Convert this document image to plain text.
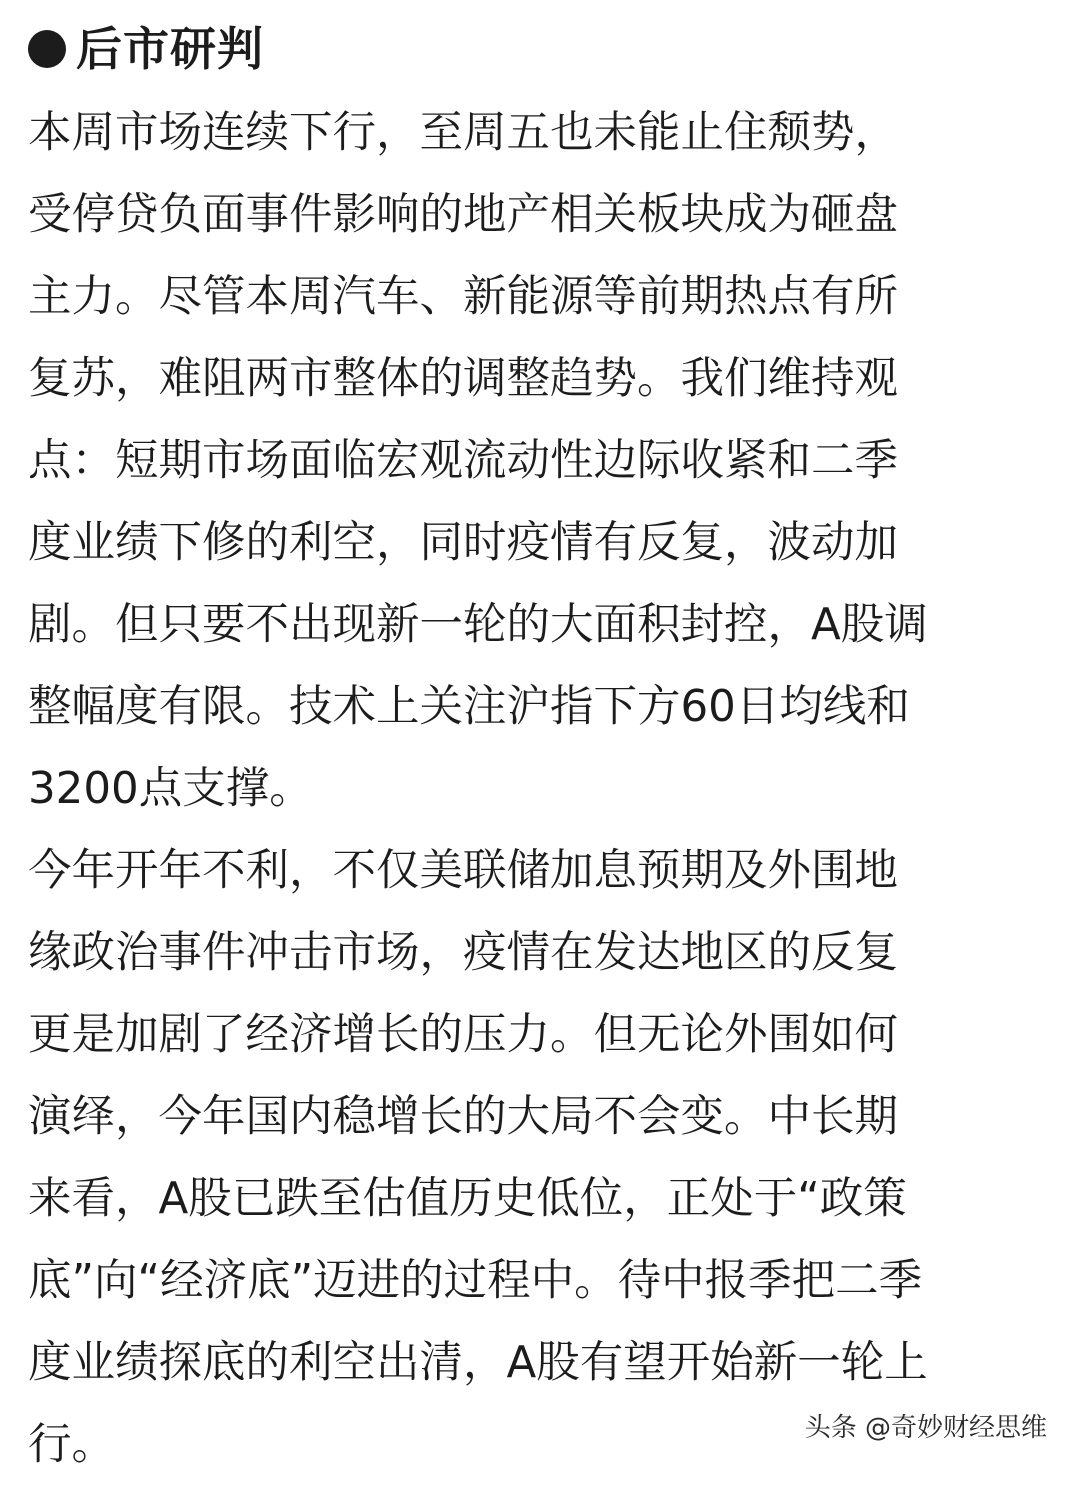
后市研判
本周市场连续下行，至周五也未能止住颓势，
受停贷负面事件影响的地产相关板块成为砸盘
主力。尽管本周汽车、新能源等前期热点有所
复苏，难阻两市整体的调整趋势。我们维持观
点：短期市场面临宏观流动性边际收紧和二季
度业绩下修的利空，同时疫情有反复，波动加
剧。但只要不出现新一轮的大面积封控，A股调
整幅度有限。技术上关注沪指下方60日均线和
3200点支撑。
今年开年不利，不仅美联储加息预期及外围地
缘政治事件冲击市场，疫情在发达地区的反复
更是加剧了经济增长的压力。但无论外围如何
演绎，今年国内稳增长的大局不会变。中长期
来看，A股已跌至估值历史低位，正处于“政策
底”向“经济底”迈进的过程中。待中报季把二季
度业绩探底的利空出清，A股有望开始新一轮上
行。	头条 @奇妙财经思维
